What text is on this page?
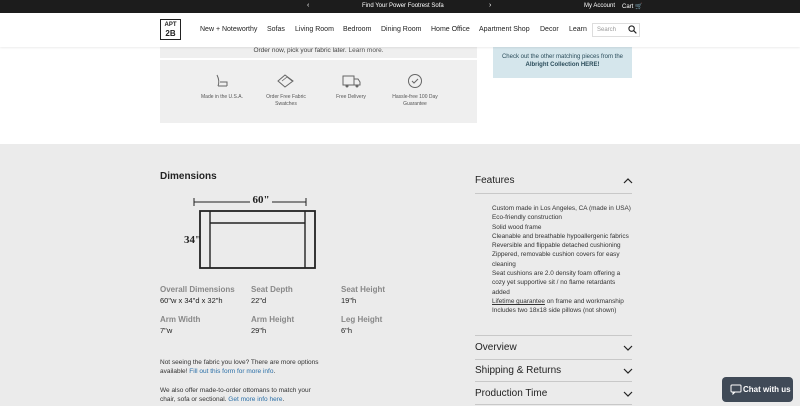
‹	Find Your Power Footrest Sofa	›	My Account Cart 🛒
APT
2B	New + Noteworthy Sofas Living Room Bedroom Dining Room Home Office Apartment Shop Decor Learn	Search
Order now, pick your fabric later. Learn more.
Made in the U.S.A.	Order Free Fabric Swatches
Free Delivery	Hassle-free 100 Day Guarantee
Check out the other matching pieces from the Albright Collection HERE!
Dimensions
60"
34"
Overall Dimensions
60"w x 34"d x 32"h
Seat Depth
22"d
Seat Height
19"h
Arm Width
7"w
Arm Height
29"h
Leg Height
6"h
Not seeing the fabric you love? There are more options available! Fill out this form for more info.
We also offer made-to-order ottomans to match your chair, sofa or sectional. Get more info here.
Features
Custom made in Los Angeles, CA (made in USA)
Eco-friendly construction
Solid wood frame
Cleanable and breathable hypoallergenic fabrics
Reversible and flippable detached cushioning
Zippered, removable cushion covers for easy cleaning
Seat cushions are 2.0 density foam offering a cozy yet supportive sit / no flame retardants added
Lifetime guarantee on frame and workmanship
Includes two 18x18 side pillows (not shown)
Overview
Shipping & Returns
Production Time	Chat with us
